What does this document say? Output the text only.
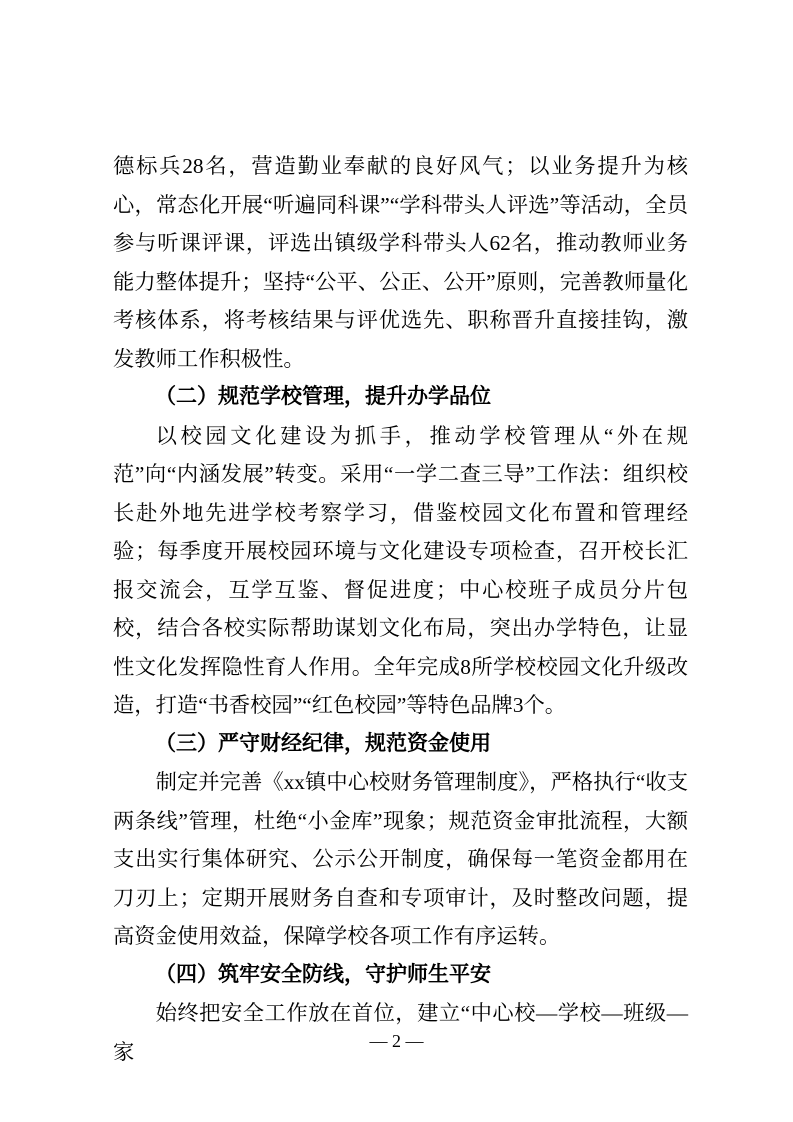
德标兵28名，营造勤业奉献的良好风气；以业务提升为核心，常态化开展“听遍同科课”“学科带头人评选”等活动，全员参与听课评课，评选出镇级学科带头人62名，推动教师业务能力整体提升；坚持“公平、公正、公开”原则，完善教师量化考核体系，将考核结果与评优选先、职称晋升直接挂钩，激发教师工作积极性。

（二）规范学校管理，提升办学品位

以校园文化建设为抓手，推动学校管理从“外在规范”向“内涵发展”转变。采用“一学二查三导”工作法：组织校长赴外地先进学校考察学习，借鉴校园文化布置和管理经验；每季度开展校园环境与文化建设专项检查，召开校长汇报交流会，互学互鉴、督促进度；中心校班子成员分片包校，结合各校实际帮助谋划文化布局，突出办学特色，让显性文化发挥隐性育人作用。全年完成8所学校校园文化升级改造，打造“书香校园”“红色校园”等特色品牌3个。

（三）严守财经纪律，规范资金使用

制定并完善《xx镇中心校财务管理制度》，严格执行“收支两条线”管理，杜绝“小金库”现象；规范资金审批流程，大额支出实行集体研究、公示公开制度，确保每一笔资金都用在刀刃上；定期开展财务自查和专项审计，及时整改问题，提高资金使用效益，保障学校各项工作有序运转。

（四）筑牢安全防线，守护师生平安

始终把安全工作放在首位，建立“中心校—学校—班级—家	— 2 —
